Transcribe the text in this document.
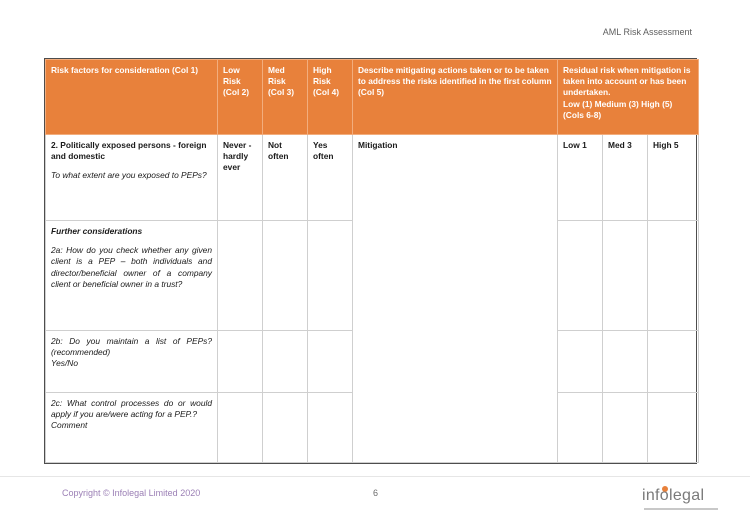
AML Risk Assessment
Risk factors for consideration (Col 1)	Low Risk (Col 2)	Med Risk (Col 3)	High Risk (Col 4)	Describe mitigating actions taken or to be taken to address the risks identified in the first column (Col 5)	Residual risk when mitigation is taken into account or has been undertaken.
Low (1) Medium (3) High (5) (Cols 6-8)		

2. Politically exposed persons - foreign and domestic
To what extent are you exposed to PEPs?	Never - hardly ever	Not often	Yes often	Mitigation	Low 1	Med 3	High 5

Further considerations
2a: How do you check whether any given client is a PEP – both individuals and director/beneficial owner of a company client or beneficial owner in a trust?							

2b: Do you maintain a list of PEPs? (recommended)
Yes/No							

2c: What control processes do or would apply if you are/were acting for a PEP.?
Comment							

Copyright © Infolegal Limited 2020	6	infolegal
